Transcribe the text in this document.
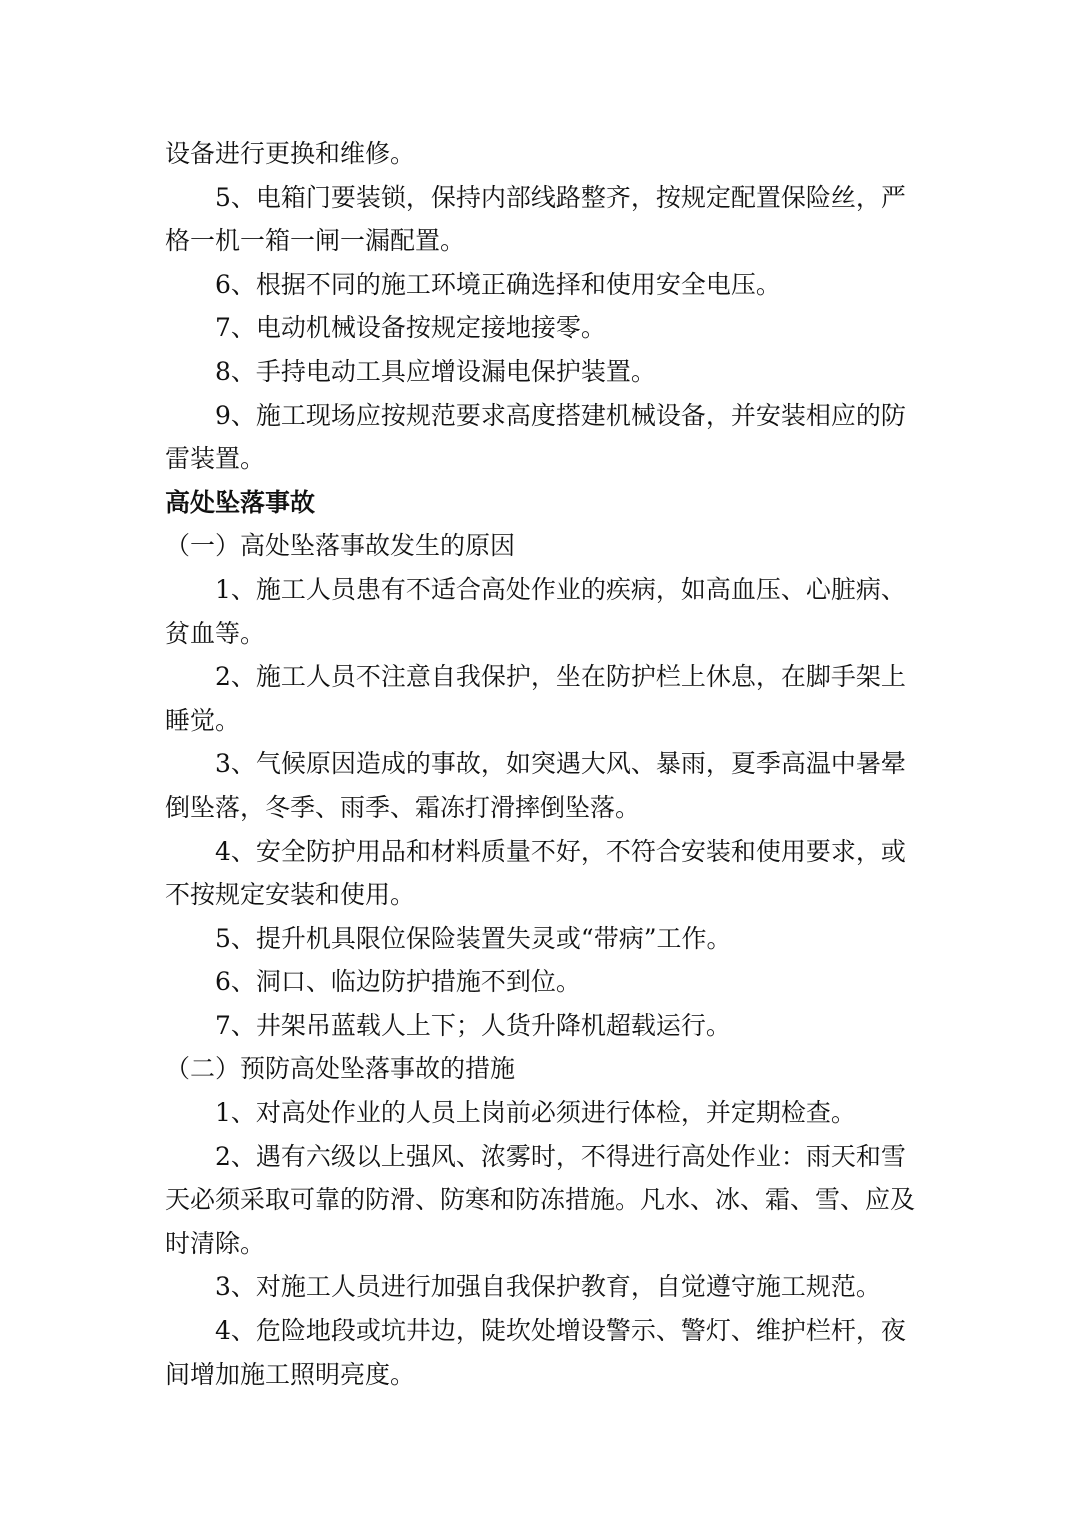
设备进行更换和维修。
5、电箱门要装锁，保持内部线路整齐，按规定配置保险丝，严
格一机一箱一闸一漏配置。
6、根据不同的施工环境正确选择和使用安全电压。
7、电动机械设备按规定接地接零。
8、手持电动工具应增设漏电保护装置。
9、施工现场应按规范要求高度搭建机械设备，并安装相应的防
雷装置。
高处坠落事故
（一）高处坠落事故发生的原因
1、施工人员患有不适合高处作业的疾病，如高血压、心脏病、
贫血等。
2、施工人员不注意自我保护，坐在防护栏上休息，在脚手架上
睡觉。
3、气候原因造成的事故，如突遇大风、暴雨，夏季高温中暑晕
倒坠落，冬季、雨季、霜冻打滑摔倒坠落。
4、安全防护用品和材料质量不好，不符合安装和使用要求，或
不按规定安装和使用。
5、提升机具限位保险装置失灵或“带病”工作。
6、洞口、临边防护措施不到位。
7、井架吊蓝载人上下；人货升降机超载运行。
（二）预防高处坠落事故的措施
1、对高处作业的人员上岗前必须进行体检，并定期检查。
2、遇有六级以上强风、浓雾时，不得进行高处作业：雨天和雪
天必须采取可靠的防滑、防寒和防冻措施。凡水、冰、霜、雪、应及
时清除。
3、对施工人员进行加强自我保护教育，自觉遵守施工规范。
4、危险地段或坑井边，陡坎处增设警示、警灯、维护栏杆，夜
间增加施工照明亮度。
